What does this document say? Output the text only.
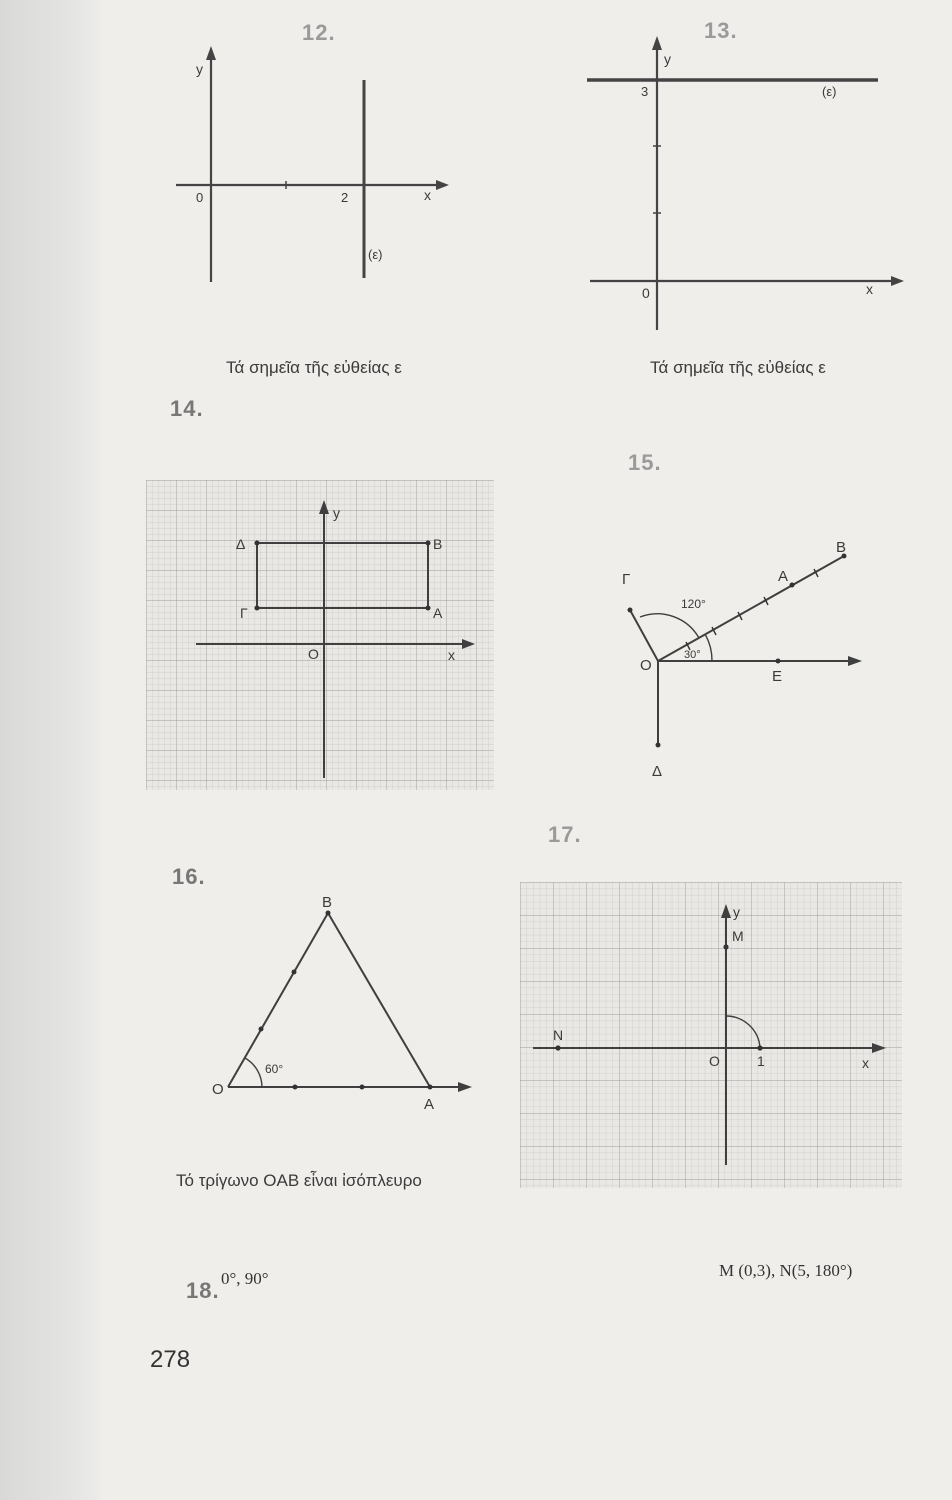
12.	13.
14.
15.
16.
17.
18.
y
0	2	x
(ε)
y
3	(ε)
0	x
Τά σημεῖα τῆς εὐθείας ε	Τά σημεῖα τῆς εὐθείας ε
y
Δ	Β
Γ	Α
O	x
Β
Α
Γ
Ε
Δ
O
120°
30°
Β
O
Α
60°
Τό τρίγωνο OAB εἶναι ἰσόπλευρο
y
M
N
O	1	x
M (0,3), N(5, 180°)
0°, 90°
278
